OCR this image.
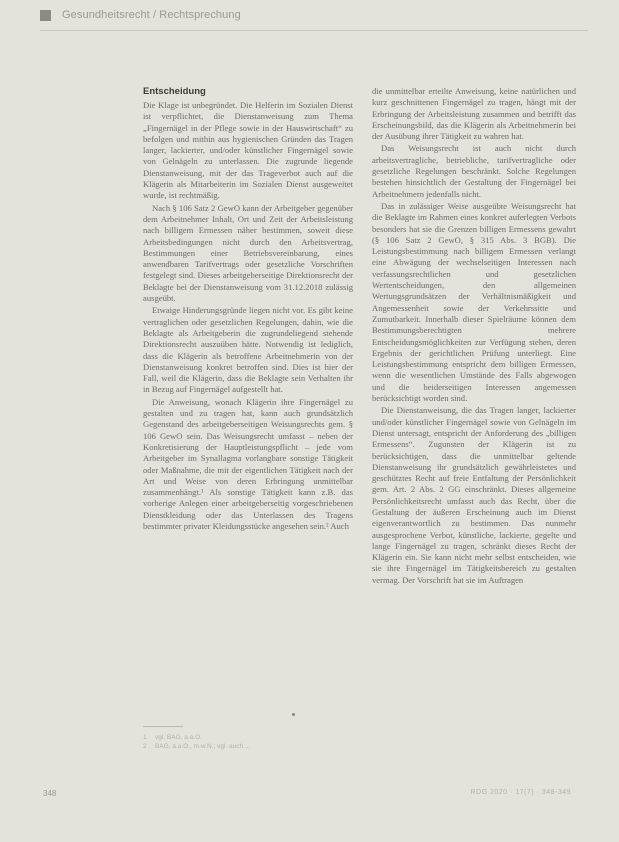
Gesundheitsrecht / Rechtsprechung
Entscheidung

Die Klage ist unbegründet. Die Helferin im Sozialen Dienst ist verpflichtet, die Dienstanweisung zum Thema „Fingernägel in der Pflege sowie in der Hauswirtschaft“ zu befolgen und mithin aus hygienischen Gründen das Tragen langer, lackierter, und/oder künstlicher Fingernägel sowie von Gelnägeln zu unterlassen. Die zugrunde liegende Dienstanweisung, mit der das Trageverbot auch auf die Klägerin als Mitarbeiterin im Sozialen Dienst ausgeweitet wurde, ist rechtmäßig.

Nach § 106 Satz 2 GewO kann der Arbeitgeber gegenüber dem Arbeitnehmer Inhalt, Ort und Zeit der Arbeitsleistung nach billigem Ermessen näher bestimmen, soweit diese Arbeitsbedingungen nicht durch den Arbeitsvertrag, Bestimmungen einer Betriebsvereinbarung, eines anwendbaren Tarifvertrags oder gesetzliche Vorschriften festgelegt sind. Dieses arbeitgeberseitige Direktionsrecht der Beklagte bei der Dienstanweisung vom 31.12.2018 zulässig ausgeübt.

Etwaige Hinderungsgründe liegen nicht vor. Es gibt keine vertraglichen oder gesetzlichen Regelungen, dahin, wie die Beklagte als Arbeitgeberin die zugrundeliegend stehende Direktionsrecht auszuüben hätte. Notwendig ist lediglich, dass die Klägerin als betroffene Arbeitnehmerin von der Dienstanweisung konkret betroffen sind. Dies ist hier der Fall, weil die Klägerin, dass die Beklagte sein Verhalten ihr in Bezug auf Fingernägel aufgestellt hat.

Die Anweisung, wonach Klägerin ihre Fingernägel zu gestalten und zu tragen hat, kann auch grundsätzlich Gegenstand des arbeitgeberseitigen Weisungsrechts gem. § 106 GewO sein. Das Weisungsrecht umfasst – neben der Konkretisierung der Hauptleistungspflicht – jede vom Arbeitgeber im Synallagma vorlangbare sonstige Tätigkeit oder Maßnahme, die mit der eigentlichen Tätigkeit nach der Art und Weise von deren Erbringung unmittelbar zusammenhängt.¹ Als sonstige Tätigkeit kann z.B. das vorherige Anlegen einer arbeitgeberseitig vorgeschriebenen Dienstkleidung oder das Unterlassen des Tragens bestimmter privater Kleidungsstücke angesehen sein.² Auch

die unmittelbar erteilte Anweisung, keine natürlichen und kurz geschnittenen Fingernägel zu tragen, hängt mit der Erbringung der Arbeitsleistung zusammen und betrifft das Erscheinungsbild, das die Klägerin als Arbeitnehmerin bei der Ausübung ihrer Tätigkeit zu wahren hat.

Das Weisungsrecht ist auch nicht durch arbeitsvertragliche, betriebliche, tarifvertragliche oder gesetzliche Regelungen beschränkt. Solche Regelungen bestehen hinsichtlich der Gestaltung der Fingernägel bei Arbeitnehmern jedenfalls nicht.

Das in zulässiger Weise ausgeübte Weisungsrecht hat die Beklagte im Rahmen eines konkret auferlegten Verbots besonders hat sie die Grenzen billigen Ermessens gewahrt (§ 106 Satz 2 GewO, § 315 Abs. 3 BGB). Die Leistungsbestimmung nach billigem Ermessen verlangt eine Abwägung der wechselseitigen Interessen nach verfassungsrechtlichen und gesetzlichen Wertentscheidungen, den allgemeinen Wertungsgrundsätzen der Verhältnismäßigkeit und Angemessenheit sowie der Verkehrssitte und Zumutbarkeit. Innerhalb dieser Spielräume können dem Bestimmungsberechtigten mehrere Entscheidungsmöglichkeiten zur Verfügung stehen, deren Ergebnis der gerichtlichen Prüfung unterliegt. Eine Leistungsbestimmung entspricht dem billigen Ermessen, wenn die wesentlichen Umstände des Falls abgewogen und die beiderseitigen Interessen angemessen berücksichtigt worden sind.

Die Dienstanweisung, die das Tragen langer, lackierter und/oder künstlicher Fingernägel sowie von Gelnägeln im Dienst untersagt, entspricht der Anforderung des „billigen Ermessens“. Zugunsten der Klägerin ist zu berücksichtigen, dass die unmittelbar geltende Dienstanweisung ihr grundsätzlich gewährleistetes und geschütztes Recht auf freie Entfaltung der Persönlichkeit gem. Art. 2 Abs. 2 GG einschränkt. Dieses allgemeine Persönlichkeitsrecht umfasst auch das Recht, über die Gestaltung der äußeren Erscheinung auch im Dienst eigenverantwortlich zu bestimmen. Das nunmehr ausgesprochene Verbot, künstliche, lackierte, gegelte und lange Fingernägel zu tragen, schränkt dieses Recht der Klägerin ein. Sie kann nicht mehr selbst entscheiden, wie sie ihre Fingernägel im Tätigkeitsbereich zu gestalten vermag. Der Vorschrift hat sie im Auftragen

1 vgl. BAG, a.a.O.
2 BAG, a.a.O., m.w.N.; vgl. auch ...
348	RDG 2020 · 17(7) · 348-349
